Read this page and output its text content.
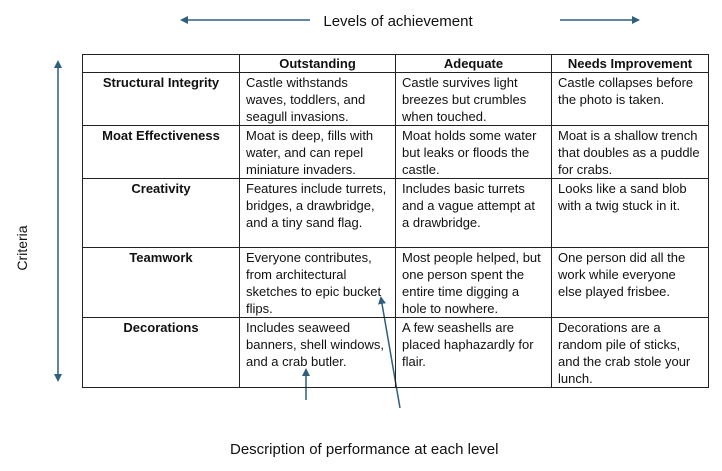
Levels of achievement
Criteria
Description of performance at each level
	Outstanding	Adequate	Needs Improvement
Structural Integrity	Castle withstands waves, toddlers, and seagull invasions.	Castle survives light breezes but crumbles when touched.	Castle collapses before the photo is taken.
Moat Effectiveness	Moat is deep, fills with water, and can repel miniature invaders.	Moat holds some water but leaks or floods the castle.	Moat is a shallow trench that doubles as a puddle for crabs.
Creativity	Features include turrets, bridges, a drawbridge, and a tiny sand flag.	Includes basic turrets and a vague attempt at a drawbridge.	Looks like a sand blob with a twig stuck in it.
Teamwork	Everyone contributes, from architectural sketches to epic bucket flips.	Most people helped, but one person spent the entire time digging a hole to nowhere.	One person did all the work while everyone else played frisbee.
Decorations	Includes seaweed banners, shell windows, and a crab butler.	A few seashells are placed haphazardly for flair.	Decorations are a random pile of sticks, and the crab stole your lunch.
